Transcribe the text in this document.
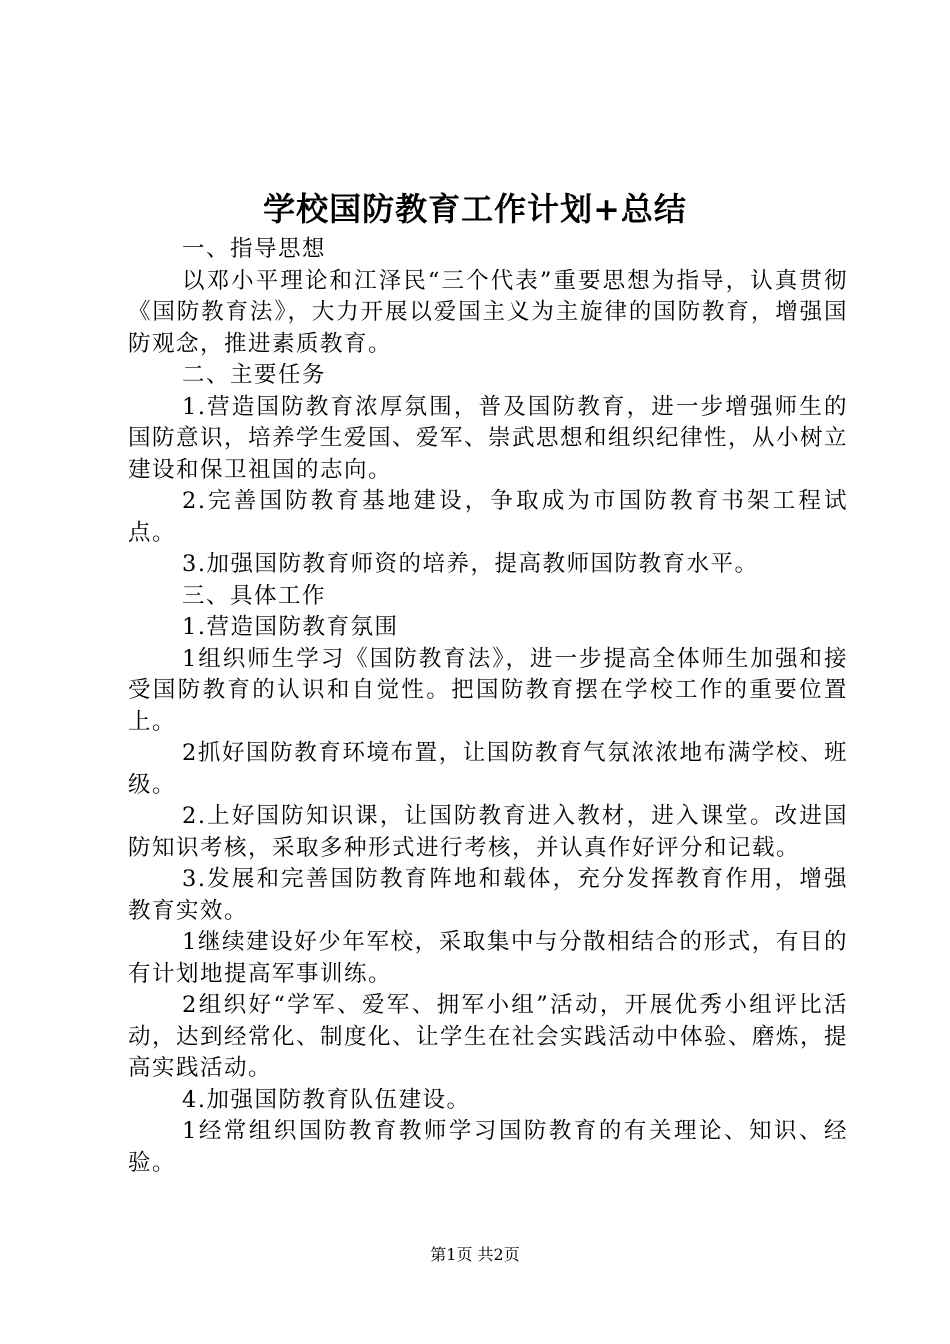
学校国防教育工作计划+总结

一、指导思想

以邓小平理论和江泽民“三个代表”重要思想为指导，认真贯彻《国防教育法》，大力开展以爱国主义为主旋律的国防教育，增强国防观念，推进素质教育。

二、主要任务

1.营造国防教育浓厚氛围，普及国防教育，进一步增强师生的国防意识，培养学生爱国、爱军、崇武思想和组织纪律性，从小树立建设和保卫祖国的志向。

2.完善国防教育基地建设，争取成为市国防教育书架工程试点。

3.加强国防教育师资的培养，提高教师国防教育水平。

三、具体工作

1.营造国防教育氛围

1组织师生学习《国防教育法》，进一步提高全体师生加强和接受国防教育的认识和自觉性。把国防教育摆在学校工作的重要位置上。

2抓好国防教育环境布置，让国防教育气氛浓浓地布满学校、班级。

2.上好国防知识课，让国防教育进入教材，进入课堂。改进国防知识考核，采取多种形式进行考核，并认真作好评分和记载。

3.发展和完善国防教育阵地和载体，充分发挥教育作用，增强教育实效。

1继续建设好少年军校，采取集中与分散相结合的形式，有目的有计划地提高军事训练。

2组织好“学军、爱军、拥军小组”活动，开展优秀小组评比活动，达到经常化、制度化、让学生在社会实践活动中体验、磨炼，提高实践活动。

4.加强国防教育队伍建设。

1经常组织国防教育教师学习国防教育的有关理论、知识、经验。

第1页 共2页
